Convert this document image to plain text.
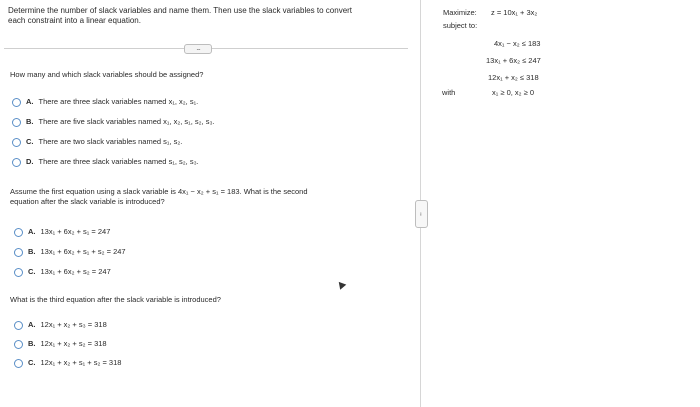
Determine the number of slack variables and name them. Then use the slack variables to convert
each constraint into a linear equation.
.....
How many and which slack variables should be assigned?
A. There are three slack variables named x₁, x₂, s₁.
B. There are five slack variables named x₁, x₂, s₁, s₂, s₃.
C. There are two slack variables named s₁, s₂.
D. There are three slack variables named s₁, s₂, s₃.
Assume the first equation using a slack variable is 4x₁ − x₂ + s₁ = 183. What is the second
equation after the slack variable is introduced?
A. 13x₁ + 6x₂ + s₁ = 247
B. 13x₁ + 6x₂ + s₁ + s₂ = 247
C. 13x₁ + 6x₂ + s₂ = 247
What is the third equation after the slack variable is introduced?
A. 12x₁ + x₂ + s₃ = 318
B. 12x₁ + x₂ + s₂ = 318
C. 12x₁ + x₂ + s₁ + s₂ = 318
.....
Maximize: z = 10x₁ + 3x₂
subject to:
4x₁ − x₂ ≤ 183
13x₁ + 6x₂ ≤ 247
12x₁ + x₂ ≤ 318
with	x₁ ≥ 0, x₂ ≥ 0
